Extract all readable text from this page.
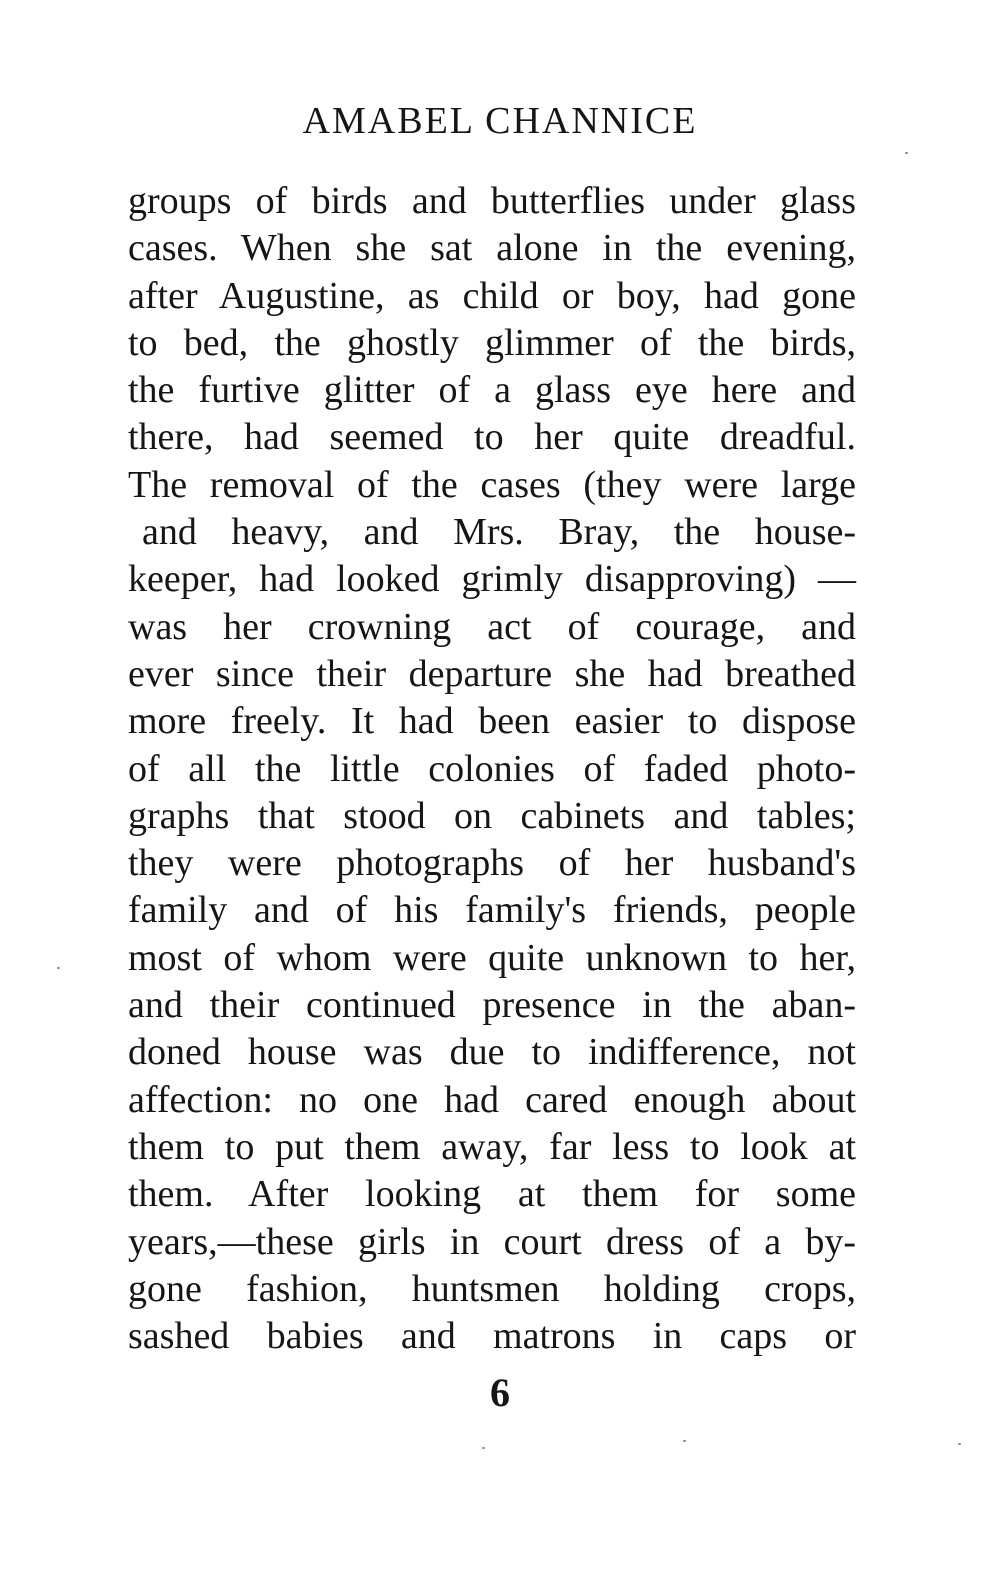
AMABEL CHANNICE
groups of birds and butterflies under glass
cases. When she sat alone in the evening,
after Augustine, as child or boy, had gone
to bed, the ghostly glimmer of the birds,
the furtive glitter of a glass eye here and
there, had seemed to her quite dreadful.
The removal of the cases (they were large
and heavy, and Mrs. Bray, the house-
keeper, had looked grimly disapproving) —
was her crowning act of courage, and
ever since their departure she had breathed
more freely. It had been easier to dispose
of all the little colonies of faded photo-
graphs that stood on cabinets and tables;
they were photographs of her husband's
family and of his family's friends, people
most of whom were quite unknown to her,
and their continued presence in the aban-
doned house was due to indifference, not
affection: no one had cared enough about
them to put them away, far less to look at
them. After looking at them for some
years,—these girls in court dress of a by-
gone fashion, huntsmen holding crops,
sashed babies and matrons in caps or
6
